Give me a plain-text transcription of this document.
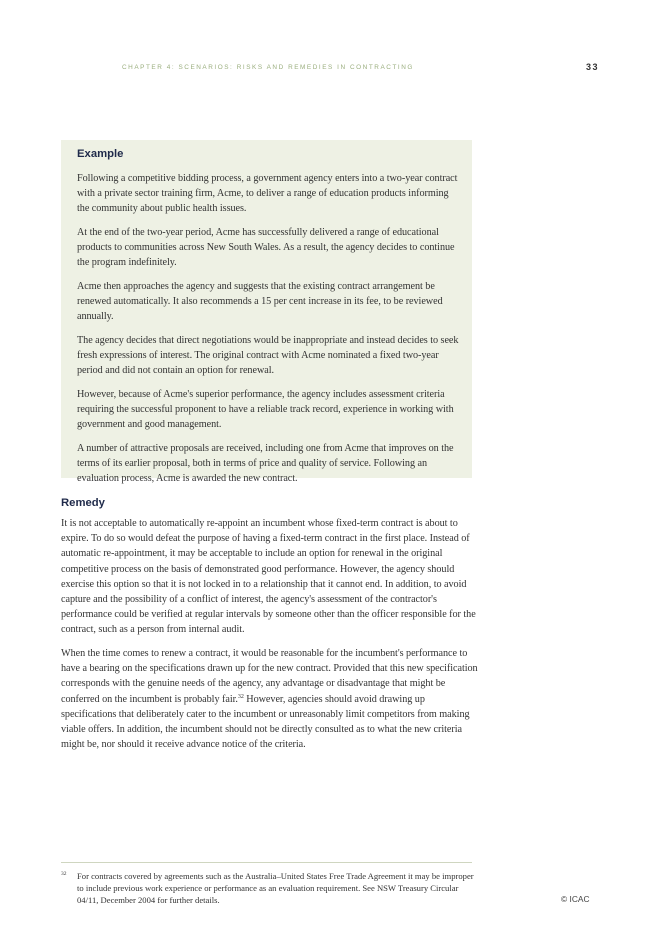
CHAPTER 4: SCENARIOS: RISKS AND REMEDIES IN CONTRACTING	33
Example

Following a competitive bidding process, a government agency enters into a two-year contract with a private sector training firm, Acme, to deliver a range of education products informing the community about public health issues.

At the end of the two-year period, Acme has successfully delivered a range of educational products to communities across New South Wales. As a result, the agency decides to continue the program indefinitely.

Acme then approaches the agency and suggests that the existing contract arrangement be renewed automatically. It also recommends a 15 per cent increase in its fee, to be reviewed annually.

The agency decides that direct negotiations would be inappropriate and instead decides to seek fresh expressions of interest. The original contract with Acme nominated a fixed two-year period and did not contain an option for renewal.

However, because of Acme's superior performance, the agency includes assessment criteria requiring the successful proponent to have a reliable track record, experience in working with government and good management.

A number of attractive proposals are received, including one from Acme that improves on the terms of its earlier proposal, both in terms of price and quality of service. Following an evaluation process, Acme is awarded the new contract.

Remedy

It is not acceptable to automatically re-appoint an incumbent whose fixed-term contract is about to expire. To do so would defeat the purpose of having a fixed-term contract in the first place. Instead of automatic re-appointment, it may be acceptable to include an option for renewal in the original competitive process on the basis of demonstrated good performance. However, the agency should exercise this option so that it is not locked in to a relationship that it cannot end. In addition, to avoid capture and the possibility of a conflict of interest, the agency's assessment of the contractor's performance could be verified at regular intervals by someone other than the officer responsible for the contract, such as a person from internal audit.

When the time comes to renew a contract, it would be reasonable for the incumbent's performance to have a bearing on the specifications drawn up for the new contract. Provided that this new specification corresponds with the genuine needs of the agency, any advantage or disadvantage that might be conferred on the incumbent is probably fair.$^{32}$ However, agencies should avoid drawing up specifications that deliberately cater to the incumbent or unreasonably limit competitors from making viable offers. In addition, the incumbent should not be directly consulted as to what the new criteria might be, nor should it receive advance notice of the criteria.

32	For contracts covered by agreements such as the Australia–United States Free Trade Agreement it may be improper to include previous work experience or performance as an evaluation requirement. See NSW Treasury Circular 04/11, December 2004 for further details.	© ICAC
